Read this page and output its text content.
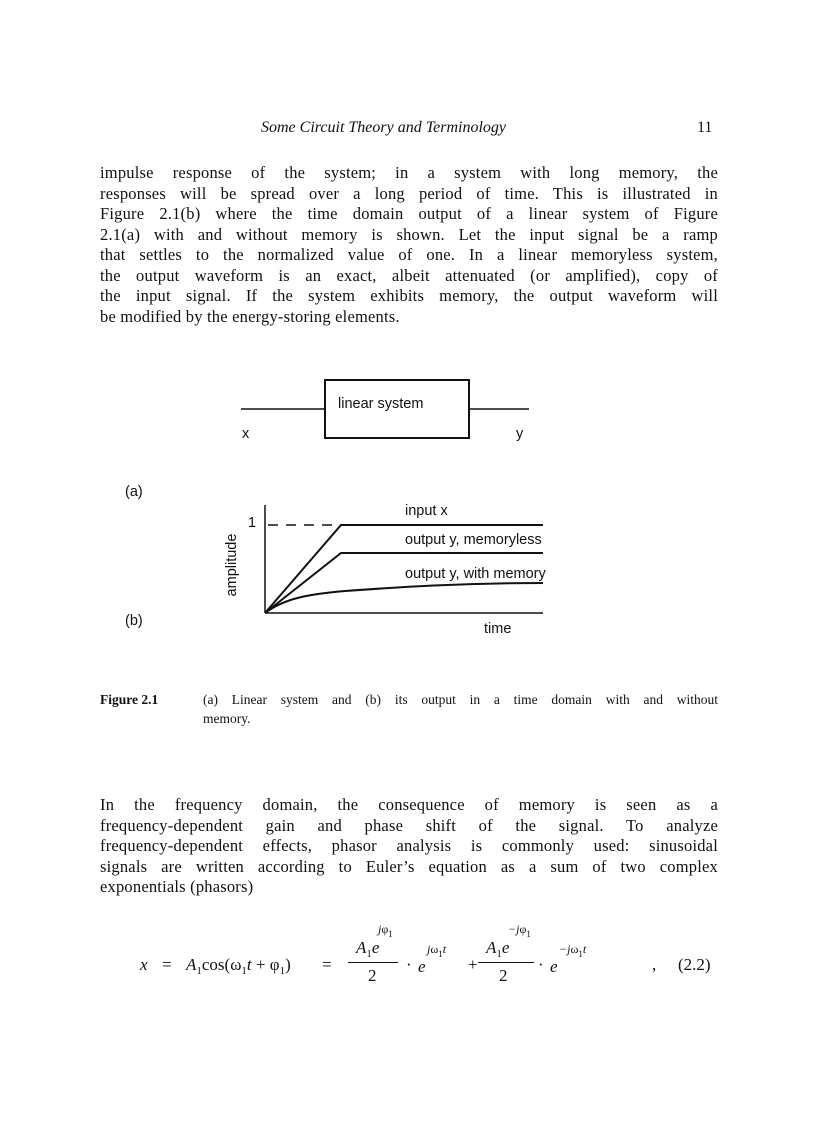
Some Circuit Theory and Terminology	11
impulse response of the system; in a system with long memory, the
responses will be spread over a long period of time. This is illustrated in
Figure 2.1(b) where the time domain output of a linear system of Figure
2.1(a) with and without memory is shown. Let the input signal be a ramp
that settles to the normalized value of one. In a linear memoryless system,
the output waveform is an exact, albeit attenuated (or amplified), copy of
the input signal. If the system exhibits memory, the output waveform will
be modified by the energy-storing elements.
linear system
x	y
(a)
(b)
1
amplitude
time
input x
output y, memoryless
output y, with memory
Figure 2.1	(a) Linear system and (b) its output in a time domain with and without
memory.
In the frequency domain, the consequence of memory is seen as a
frequency-dependent gain and phase shift of the signal. To analyze
frequency-dependent effects, phasor analysis is commonly used: sinusoidal
signals are written according to Euler’s equation as a sum of two complex
exponentials (phasors)
$x = A_1\cos(\omega_1t + \varphi_1)$ =
$A_1e$
$j\varphi_1$
2
· e
$j\omega_1t$
+
$A_1e$
$-j\varphi_1$
2
· e
$-j\omega_1t$
, (2.2)
